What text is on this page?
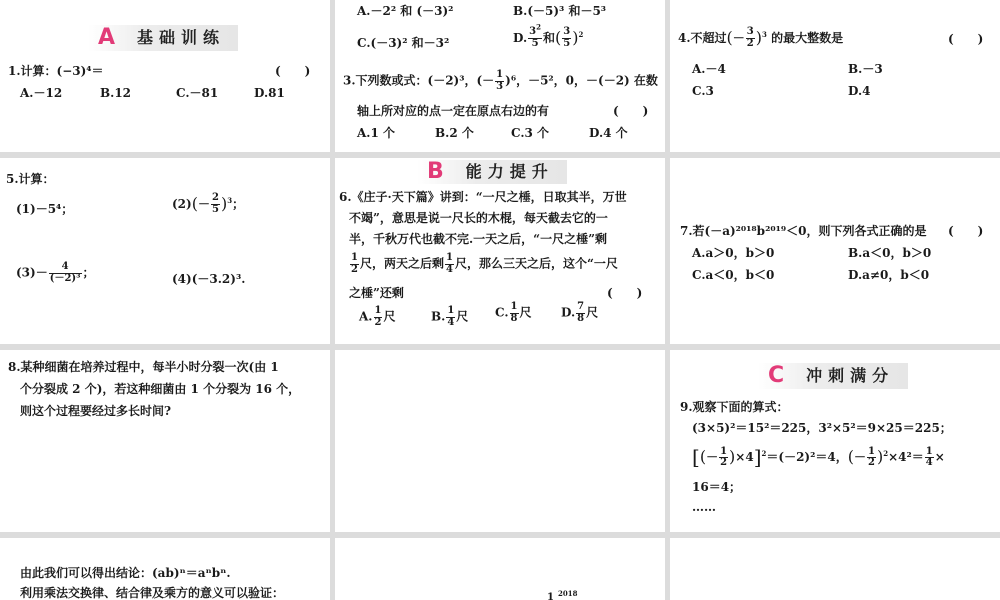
A 基础训练
1.计算：(−3)⁴＝	(　　)
A.－12	B.12	C.－81	D.81
A.－2² 和 (－3)²	B.(－5)³ 和－5³
C.(－3)² 和－3²	D. $\frac{3^2}{5}$ 和( $\frac{3}{5} )^2$
3.下列数或式：(－2)³，(－ $\frac{1}{3} )^6$，－5²，0，－(－2) 在数
轴上所对应的点一定在原点右边的有	(　　)
A.1 个	B.2 个	C.3 个	D.4 个
4.不超过(－ $\frac{3}{2} )^3$ 的最大整数是	(　　)
A.－4	B.－3
C.3	D.4
5.计算：
(1)－5⁴；	$(2)(- \frac{2}{5} )^3$；
$(3)- \frac{4}{\text{(－2)³}}$ ；	(4)(－3.2)³.
B 能力提升
6.《庄子·天下篇》讲到：“一尺之棰，日取其半，万世
不竭”，意思是说一尺长的木棍，每天截去它的一
半，千秋万代也截不完.一天之后，“一尺之棰”剩
$\frac{1}{2}$ 尺，两天之后剩 $\frac{1}{4}$ 尺，那么三天之后，这个“一尺
之棰”还剩	(　　)
A. $\frac{1}{2}$ 尺	B. $\frac{1}{4}$ 尺 C. $\frac{1}{8}$ 尺 D. $\frac{7}{8}$ 尺
7.若(－a)²⁰¹⁸b²⁰¹⁹＜0，则下列各式正确的是 (　　)
A.a＞0，b＞0	B.a＜0，b＞0
C.a＜0，b＜0	D.a≠0，b＜0
8.某种细菌在培养过程中，每半小时分裂一次(由 1
个分裂成 2 个)，若这种细菌由 1 个分裂为 16 个，
则这个过程要经过多长时间?
C 冲刺满分
9.观察下面的算式：
(3×5)²＝15²＝225，3²×5²＝9×25＝225；
[(－ $\frac{1}{2} )\times 4]^2=(-2)^2=4$，(－ $\frac{1}{2} )^2\times 4^2= \frac{1}{4}$ ×
16＝4；
……
由此我们可以得出结论：(ab)ⁿ＝aⁿbⁿ.
利用乘法交换律、结合律及乘方的意义可以验证：	1 $^{2018}$
